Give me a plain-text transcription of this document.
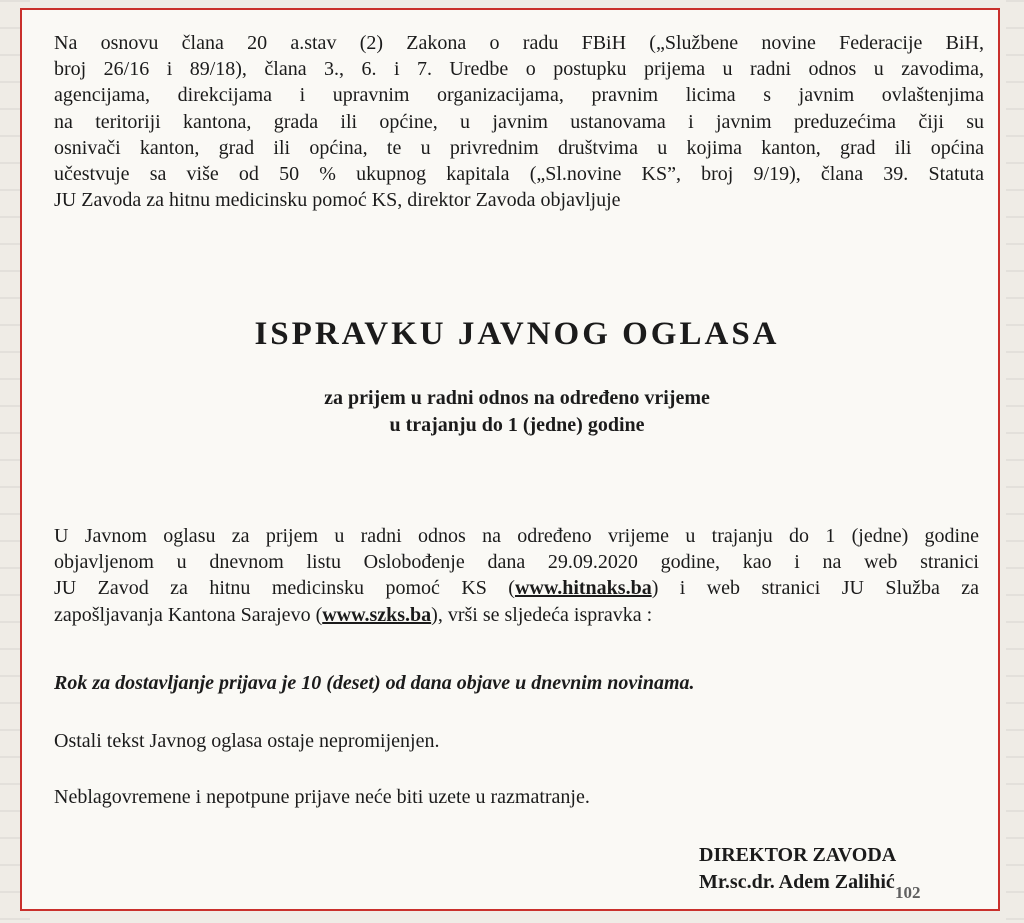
Na osnovu člana 20 a.stav (2) Zakona o radu FBiH („Službene novine Federacije BiH,
broj 26/16 i 89/18), člana 3., 6. i 7. Uredbe o postupku prijema u radni odnos u zavodima,
agencijama, direkcijama i upravnim organizacijama, pravnim licima s javnim ovlaštenjima
na teritoriji kantona, grada ili općine, u javnim ustanovama i javnim preduzećima čiji su
osnivači kanton, grad ili općina, te u privrednim društvima u kojima kanton, grad ili općina
učestvuje sa više od 50 % ukupnog kapitala („Sl.novine KS”, broj 9/19), člana 39. Statuta
JU Zavoda za hitnu medicinsku pomoć KS, direktor Zavoda objavljuje
ISPRAVKU JAVNOG OGLASA
za prijem u radni odnos na određeno vrijeme
u trajanju do 1 (jedne) godine
U Javnom oglasu za prijem u radni odnos na određeno vrijeme u trajanju do 1 (jedne) godine
objavljenom u dnevnom listu Oslobođenje dana 29.09.2020 godine, kao i na web stranici
JU Zavod za hitnu medicinsku pomoć KS (www.hitnaks.ba) i web stranici JU Služba za
zapošljavanja Kantona Sarajevo (www.szks.ba), vrši se sljedeća ispravka :
Rok za dostavljanje prijava je 10 (deset) od dana objave u dnevnim novinama.
Ostali tekst Javnog oglasa ostaje nepromijenjen.
Neblagovremene i nepotpune prijave neće biti uzete u razmatranje.
DIREKTOR ZAVODA
Mr.sc.dr. Adem Zalihić 102
